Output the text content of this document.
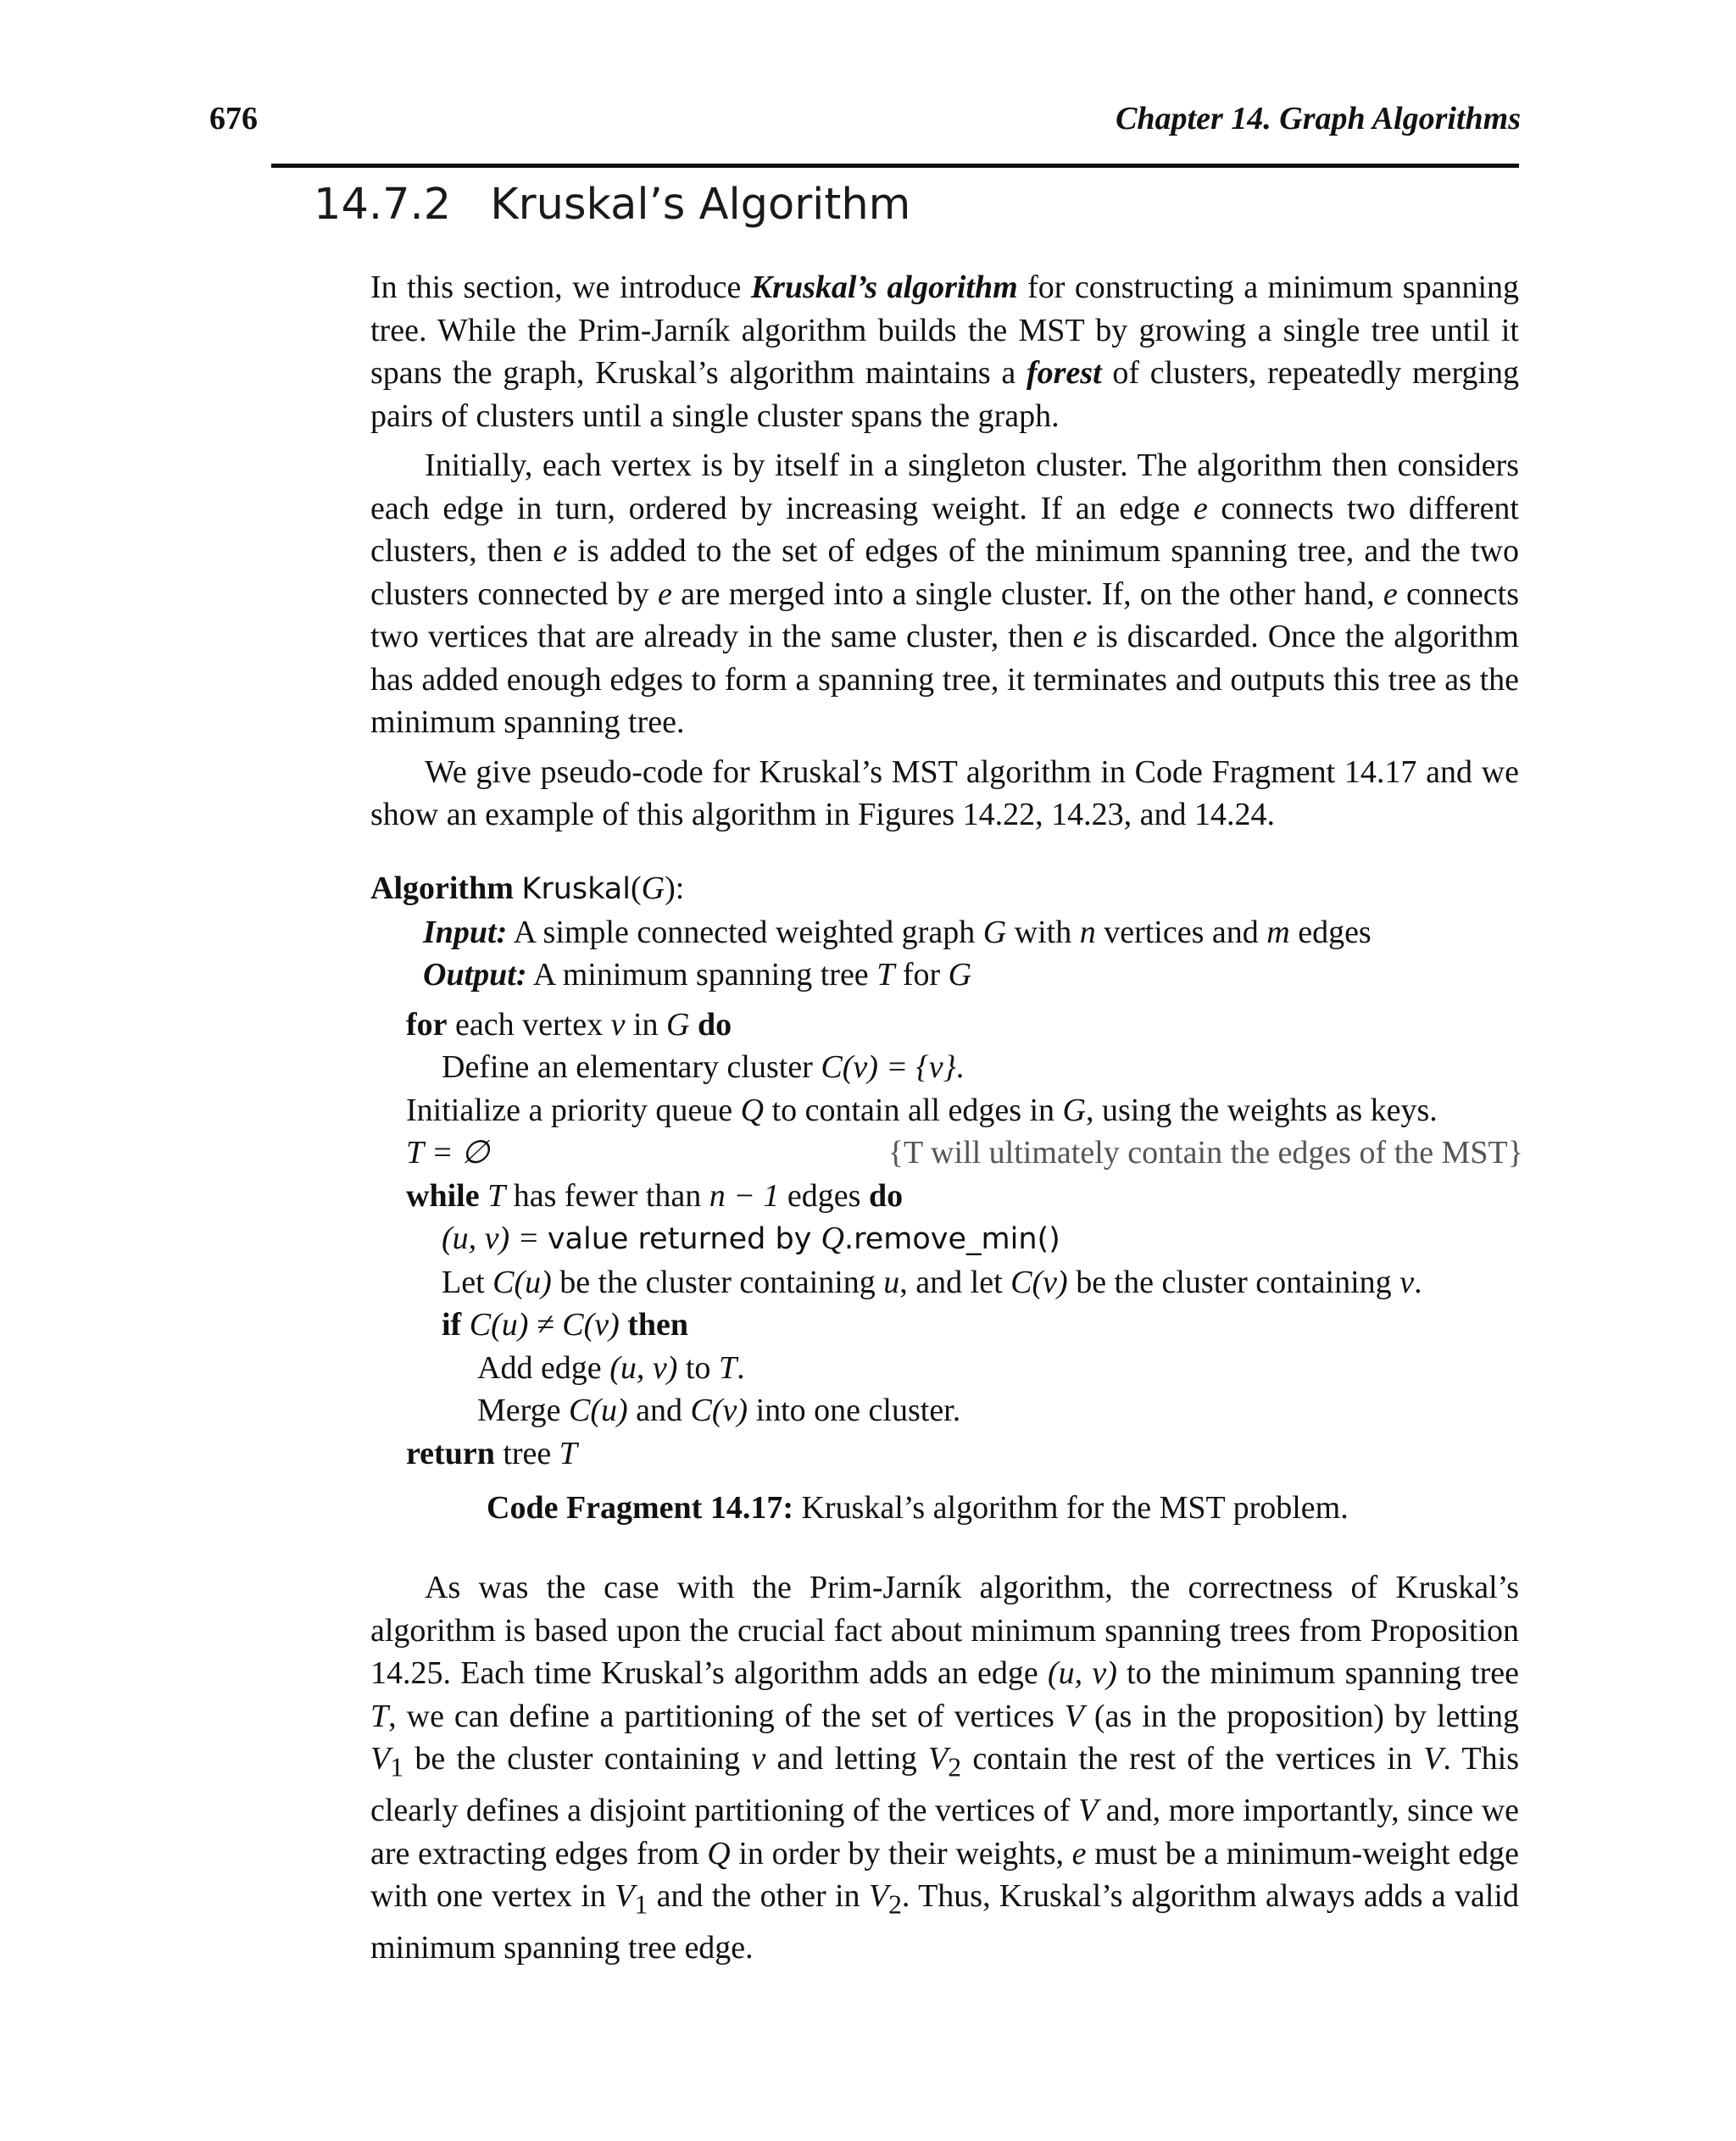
676	Chapter 14. Graph Algorithms
14.7.2 Kruskal’s Algorithm

In this section, we introduce Kruskal’s algorithm for constructing a minimum spanning tree. While the Prim-Jarník algorithm builds the MST by growing a single tree until it spans the graph, Kruskal’s algorithm maintains a forest of clusters, repeatedly merging pairs of clusters until a single cluster spans the graph.

Initially, each vertex is by itself in a singleton cluster. The algorithm then considers each edge in turn, ordered by increasing weight. If an edge e connects two different clusters, then e is added to the set of edges of the minimum spanning tree, and the two clusters connected by e are merged into a single cluster. If, on the other hand, e connects two vertices that are already in the same cluster, then e is discarded. Once the algorithm has added enough edges to form a spanning tree, it terminates and outputs this tree as the minimum spanning tree.

We give pseudo-code for Kruskal’s MST algorithm in Code Fragment 14.17 and we show an example of this algorithm in Figures 14.22, 14.23, and 14.24.

Algorithm Kruskal(G):
Input: A simple connected weighted graph G with n vertices and m edges
Output: A minimum spanning tree T for G
for each vertex v in G do
Define an elementary cluster C(v) = {v}.
Initialize a priority queue Q to contain all edges in G, using the weights as keys.
T = ∅	{T will ultimately contain the edges of the MST}
while T has fewer than n − 1 edges do
(u, v) = value returned by Q.remove_min()
Let C(u) be the cluster containing u, and let C(v) be the cluster containing v.
if C(u) ≠ C(v) then
Add edge (u, v) to T.
Merge C(u) and C(v) into one cluster.
return tree T
Code Fragment 14.17: Kruskal’s algorithm for the MST problem.

As was the case with the Prim-Jarník algorithm, the correctness of Kruskal’s algorithm is based upon the crucial fact about minimum spanning trees from Proposition 14.25. Each time Kruskal’s algorithm adds an edge (u, v) to the minimum spanning tree T, we can define a partitioning of the set of vertices V (as in the proposition) by letting $V_1$ be the cluster containing v and letting $V_2$ contain the rest of the vertices in V. This clearly defines a disjoint partitioning of the vertices of V and, more importantly, since we are extracting edges from Q in order by their weights, e must be a minimum-weight edge with one vertex in $V_1$ and the other in $V_2$. Thus, Kruskal’s algorithm always adds a valid minimum spanning tree edge.
